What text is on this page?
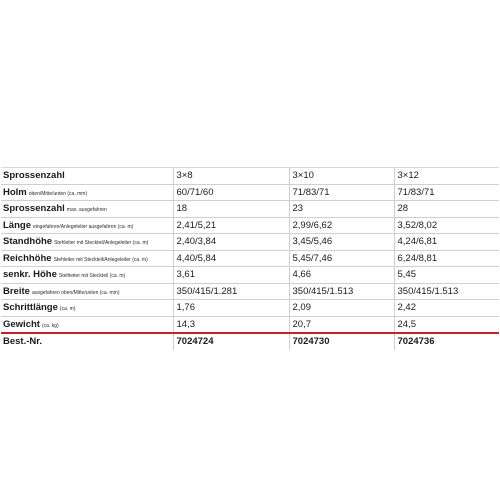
Sprossenzahl	3×8	3×10	3×12
Holm oben/Mitte/unten (ca. mm)	60/71/60	71/83/71	71/83/71
Sprossenzahl max. ausgefahren	18	23	28
Länge eingefahren/Anlegeleiter ausgefahren (ca. m)	2,41/5,21	2,99/6,62	3,52/8,02
Standhöhe Stehleiter mit Steckteil/Anlegeleiter (ca. m)	2,40/3,84	3,45/5,46	4,24/6,81
Reichhöhe Stehleiter mit Steckteil/Anlegeleiter (ca. m)	4,40/5,84	5,45/7,46	6,24/8,81
senkr. Höhe Stehleiter mit Steckteil (ca. m)	3,61	4,66	5,45
Breite ausgefahren oben/Mitte/unten (ca. mm)	350/415/1.281	350/415/1.513	350/415/1.513
Schrittlänge (ca. m)	1,76	2,09	2,42
Gewicht (ca. kg)	14,3	20,7	24,5
Best.-Nr.	7024724	7024730	7024736
